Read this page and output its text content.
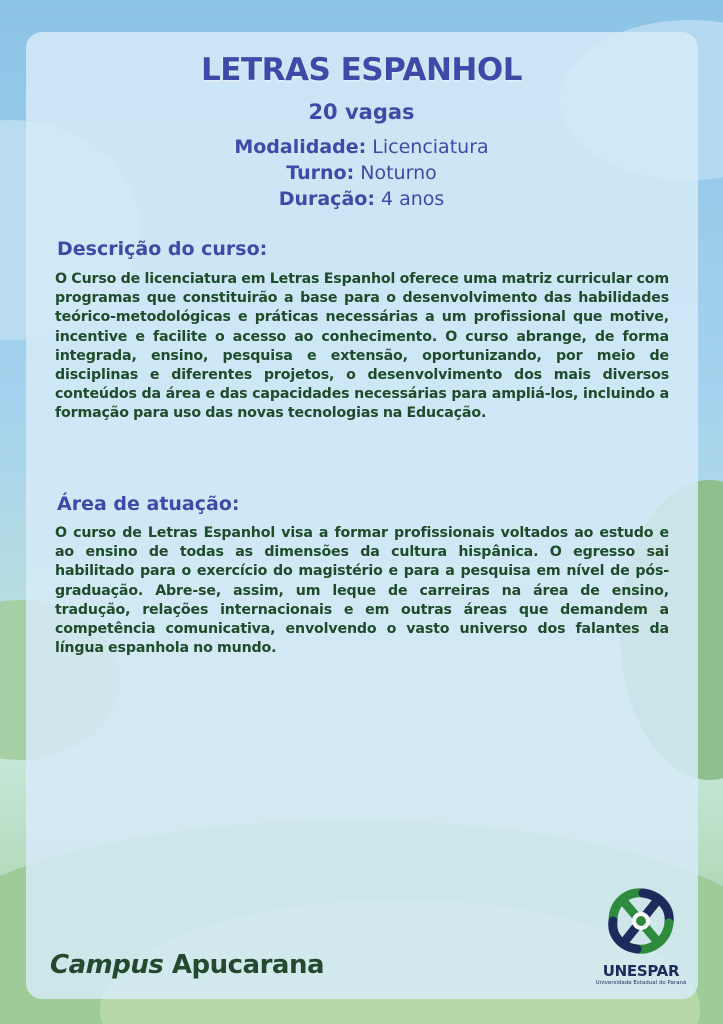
LETRAS ESPANHOL
20 vagas
Modalidade: Licenciatura
Turno: Noturno
Duração: 4 anos
Descrição do curso:
O Curso de licenciatura em Letras Espanhol oferece uma matriz curricular com programas que constituirão a base para o desenvolvimento das habilidades teórico-metodológicas e práticas necessárias a um profissional que motive, incentive e facilite o acesso ao conhecimento. O curso abrange, de forma integrada, ensino, pesquisa e extensão, oportunizando, por meio de disciplinas e diferentes projetos, o desenvolvimento dos mais diversos conteúdos da área e das capacidades necessárias para ampliá-los, incluindo a formação para uso das novas tecnologias na Educação.
Área de atuação:
O curso de Letras Espanhol visa a formar profissionais voltados ao estudo e ao ensino de todas as dimensões da cultura hispânica. O egresso sai habilitado para o exercício do magistério e para a pesquisa em nível de pós-graduação. Abre-se, assim, um leque de carreiras na área de ensino, tradução, relações internacionais e em outras áreas que demandem a competência comunicativa, envolvendo o vasto universo dos falantes da língua espanhola no mundo.
Campus Apucarana	UNESPAR
Universidade Estadual do Paraná
